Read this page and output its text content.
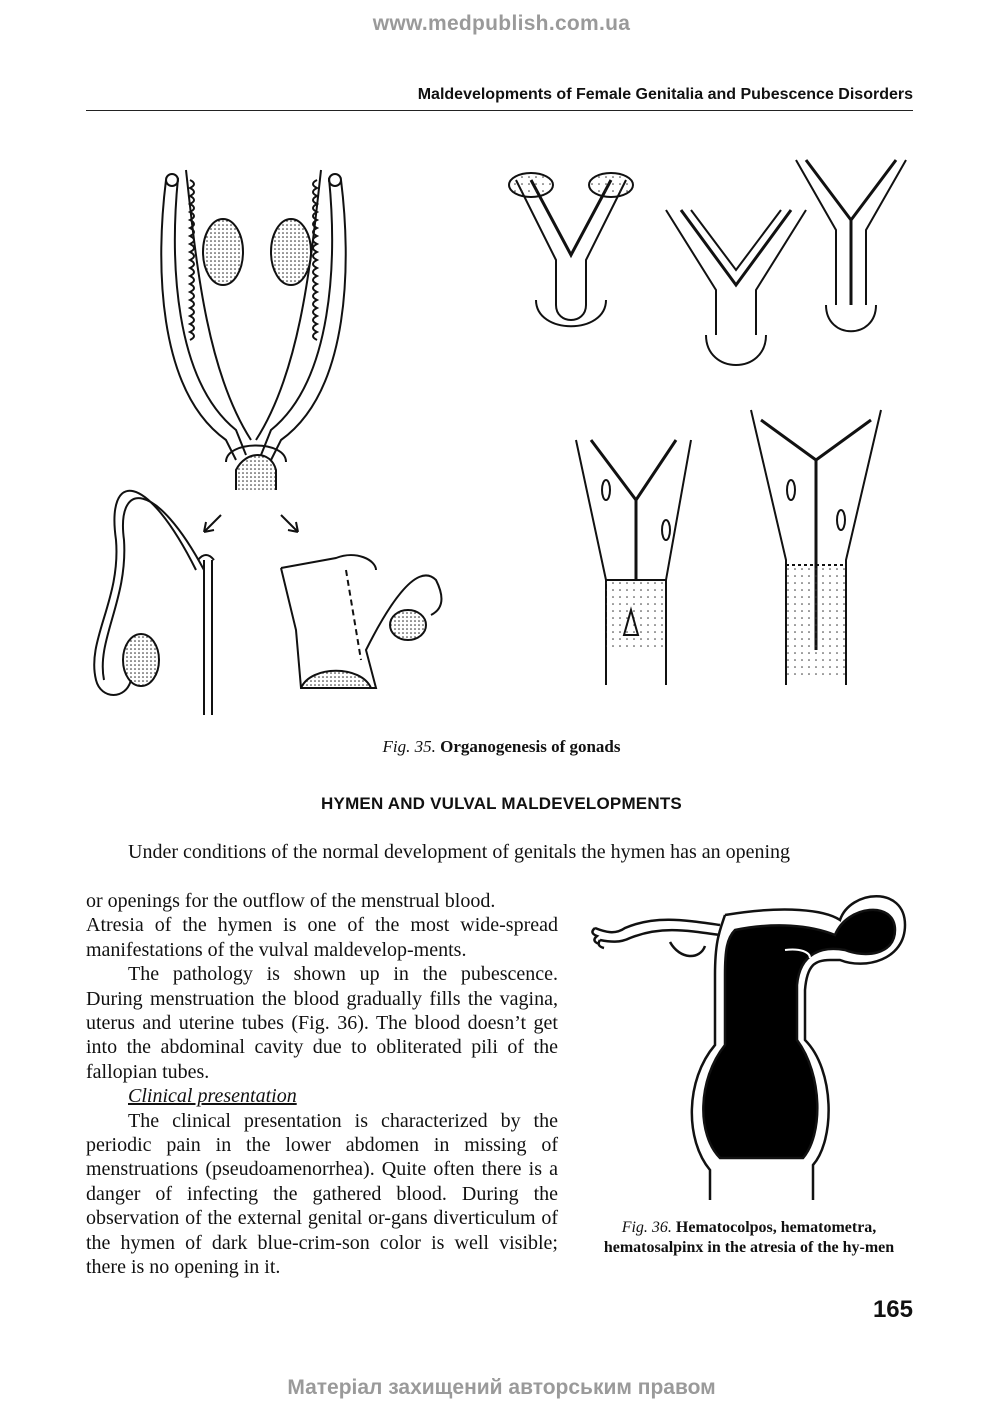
www.medpublish.com.ua
Maldevelopments of Female Genitalia and Pubescence Disorders
Fig. 35. Organogenesis of gonads
HYMEN AND VULVAL MALDEVELOPMENTS

Under conditions of the normal development of genitals the hymen has an opening

or openings for the outflow of the menstrual blood.

Atresia of the hymen is one of the most wide-spread manifestations of the vulval maldevelop-ments.

The pathology is shown up in the pubescence. During menstruation the blood gradually fills the vagina, uterus and uterine tubes (Fig. 36). The blood doesn’t get into the abdominal cavity due to obliterated pili of the fallopian tubes.

Clinical presentation

The clinical presentation is characterized by the periodic pain in the lower abdomen in missing of menstruations (pseudoamenorrhea). Quite often there is a danger of infecting the gathered blood. During the observation of the external genital or-gans diverticulum of the hymen of dark blue-crim-son color is well visible; there is no opening in it.

Fig. 36. Hematocolpos, hematometra, hematosalpinx in the atresia of the hy-men
165
Матеріал захищений авторським правом
